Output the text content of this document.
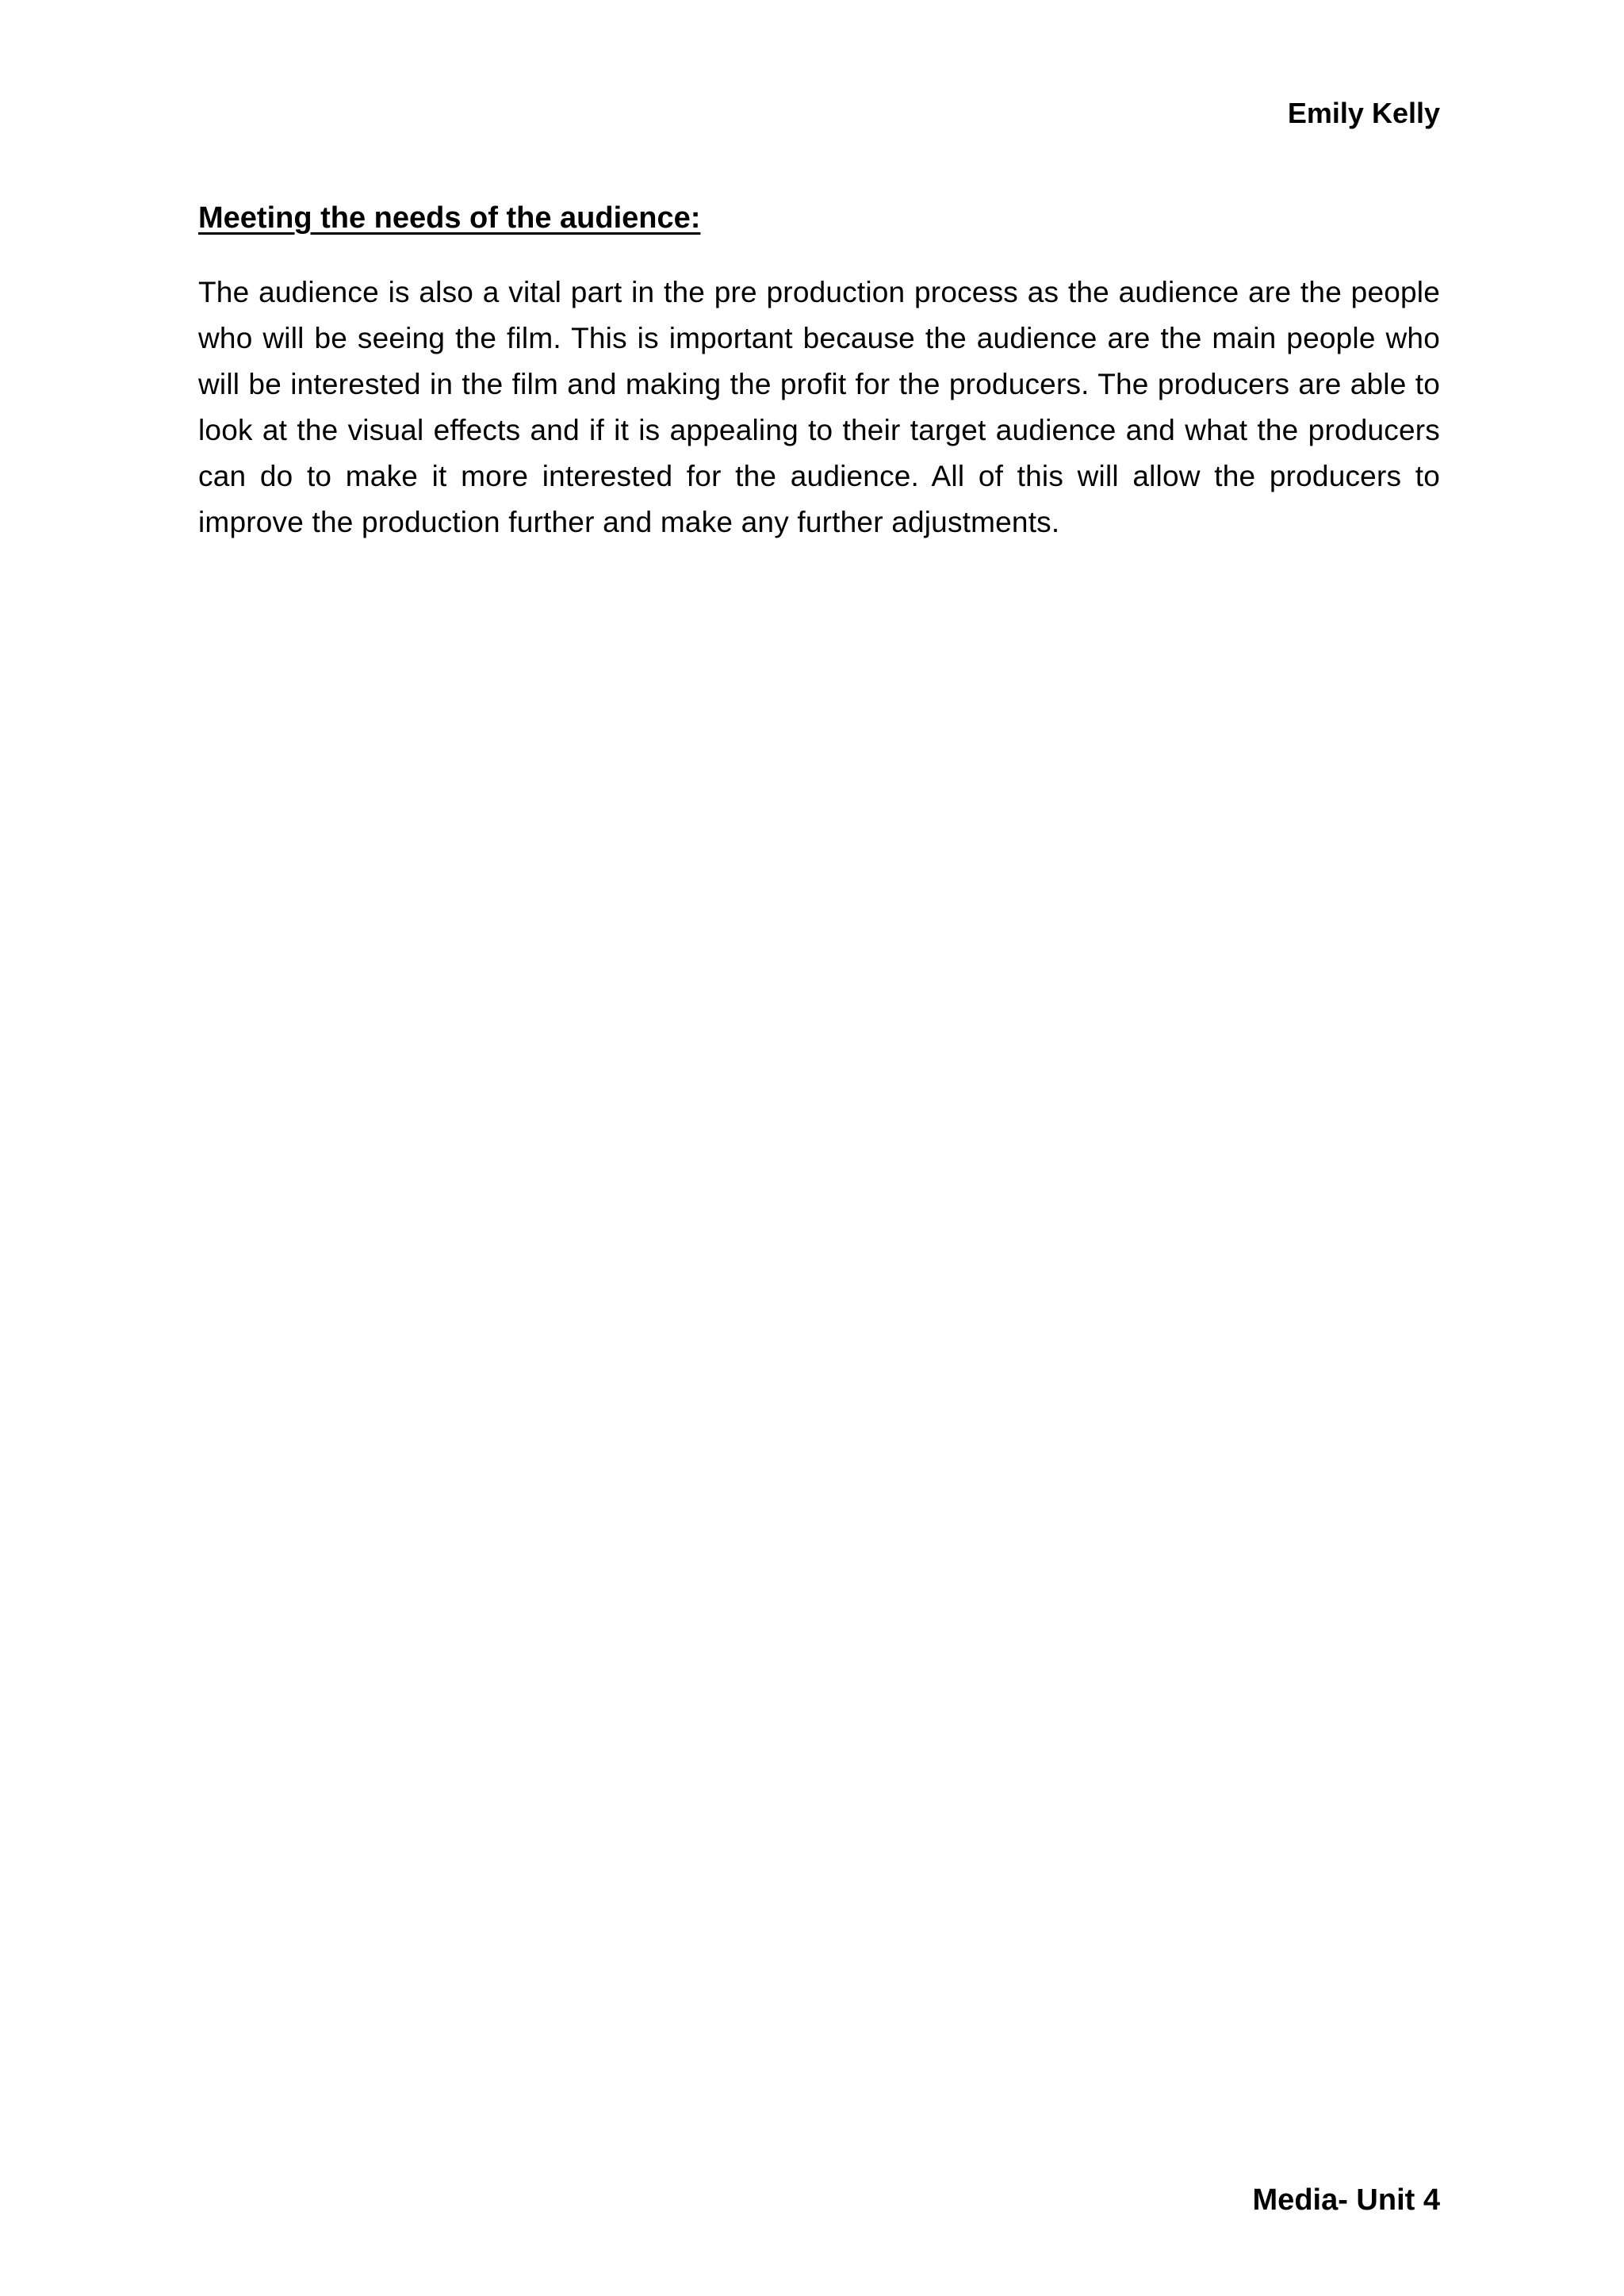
Emily Kelly
Meeting the needs of the audience:

The audience is also a vital part in the pre production process as the audience are the people who will be seeing the film. This is important because the audience are the main people who will be interested in the film and making the profit for the producers. The producers are able to look at the visual effects and if it is appealing to their target audience and what the producers can do to make it more interested for the audience. All of this will allow the producers to improve the production further and make any further adjustments.

Media- Unit 4
